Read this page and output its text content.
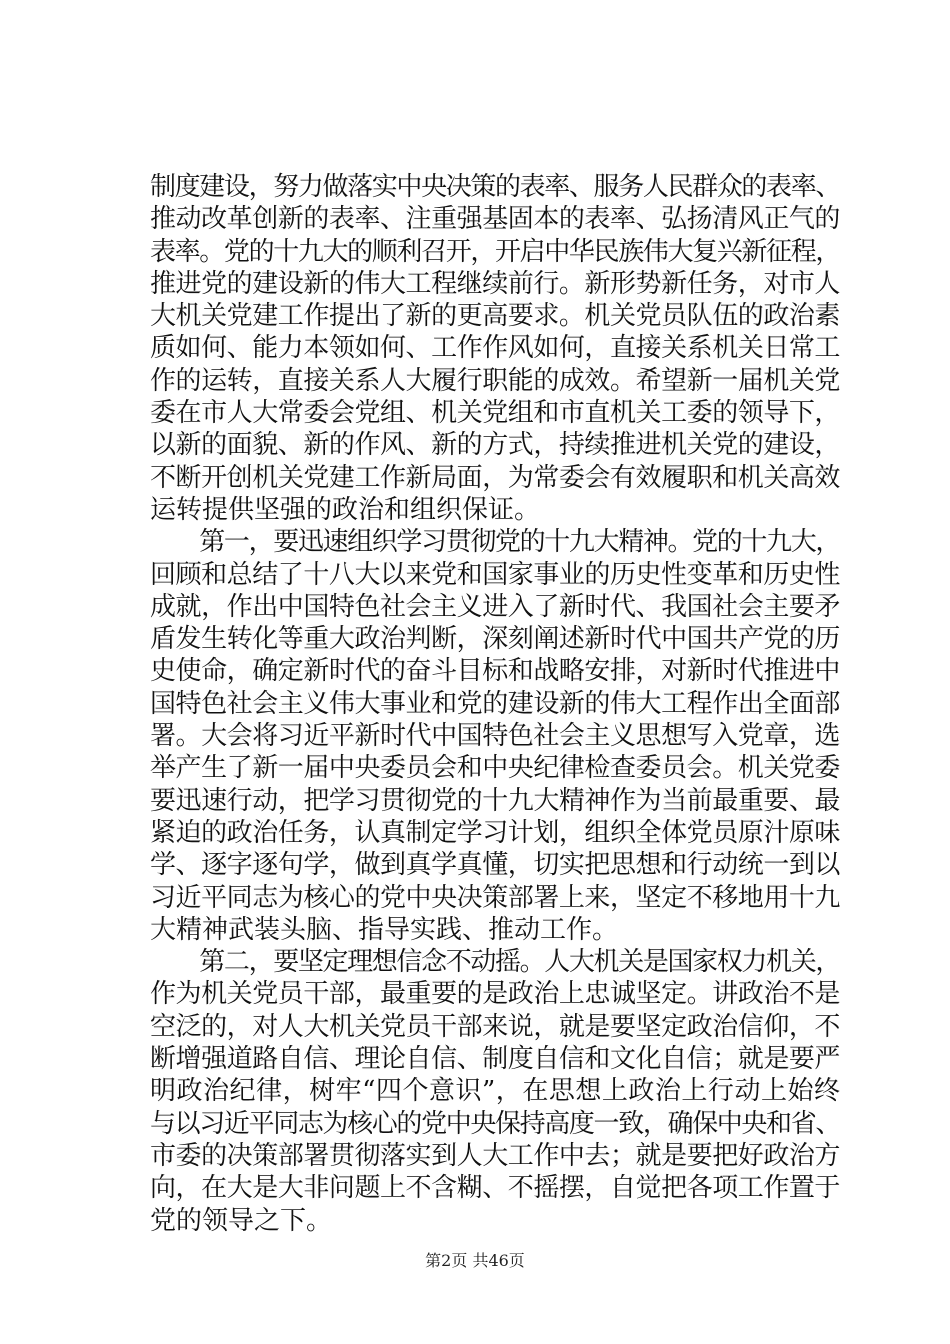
制度建设，努力做落实中央决策的表率、服务人民群众的表率、
推动改革创新的表率、注重强基固本的表率、弘扬清风正气的
表率。党的十九大的顺利召开，开启中华民族伟大复兴新征程，
推进党的建设新的伟大工程继续前行。新形势新任务，对市人
大机关党建工作提出了新的更高要求。机关党员队伍的政治素
质如何、能力本领如何、工作作风如何，直接关系机关日常工
作的运转，直接关系人大履行职能的成效。希望新一届机关党
委在市人大常委会党组、机关党组和市直机关工委的领导下，
以新的面貌、新的作风、新的方式，持续推进机关党的建设，
不断开创机关党建工作新局面，为常委会有效履职和机关高效
运转提供坚强的政治和组织保证。
　　第一，要迅速组织学习贯彻党的十九大精神。党的十九大，
回顾和总结了十八大以来党和国家事业的历史性变革和历史性
成就，作出中国特色社会主义进入了新时代、我国社会主要矛
盾发生转化等重大政治判断，深刻阐述新时代中国共产党的历
史使命，确定新时代的奋斗目标和战略安排，对新时代推进中
国特色社会主义伟大事业和党的建设新的伟大工程作出全面部
署。大会将习近平新时代中国特色社会主义思想写入党章，选
举产生了新一届中央委员会和中央纪律检查委员会。机关党委
要迅速行动，把学习贯彻党的十九大精神作为当前最重要、最
紧迫的政治任务，认真制定学习计划，组织全体党员原汁原味
学、逐字逐句学，做到真学真懂，切实把思想和行动统一到以
习近平同志为核心的党中央决策部署上来，坚定不移地用十九
大精神武装头脑、指导实践、推动工作。
　　第二，要坚定理想信念不动摇。人大机关是国家权力机关，
作为机关党员干部，最重要的是政治上忠诚坚定。讲政治不是
空泛的，对人大机关党员干部来说，就是要坚定政治信仰，不
断增强道路自信、理论自信、制度自信和文化自信；就是要严
明政治纪律，树牢“四个意识”，在思想上政治上行动上始终
与以习近平同志为核心的党中央保持高度一致，确保中央和省、
市委的决策部署贯彻落实到人大工作中去；就是要把好政治方
向，在大是大非问题上不含糊、不摇摆，自觉把各项工作置于
党的领导之下。
第2页 共46页
